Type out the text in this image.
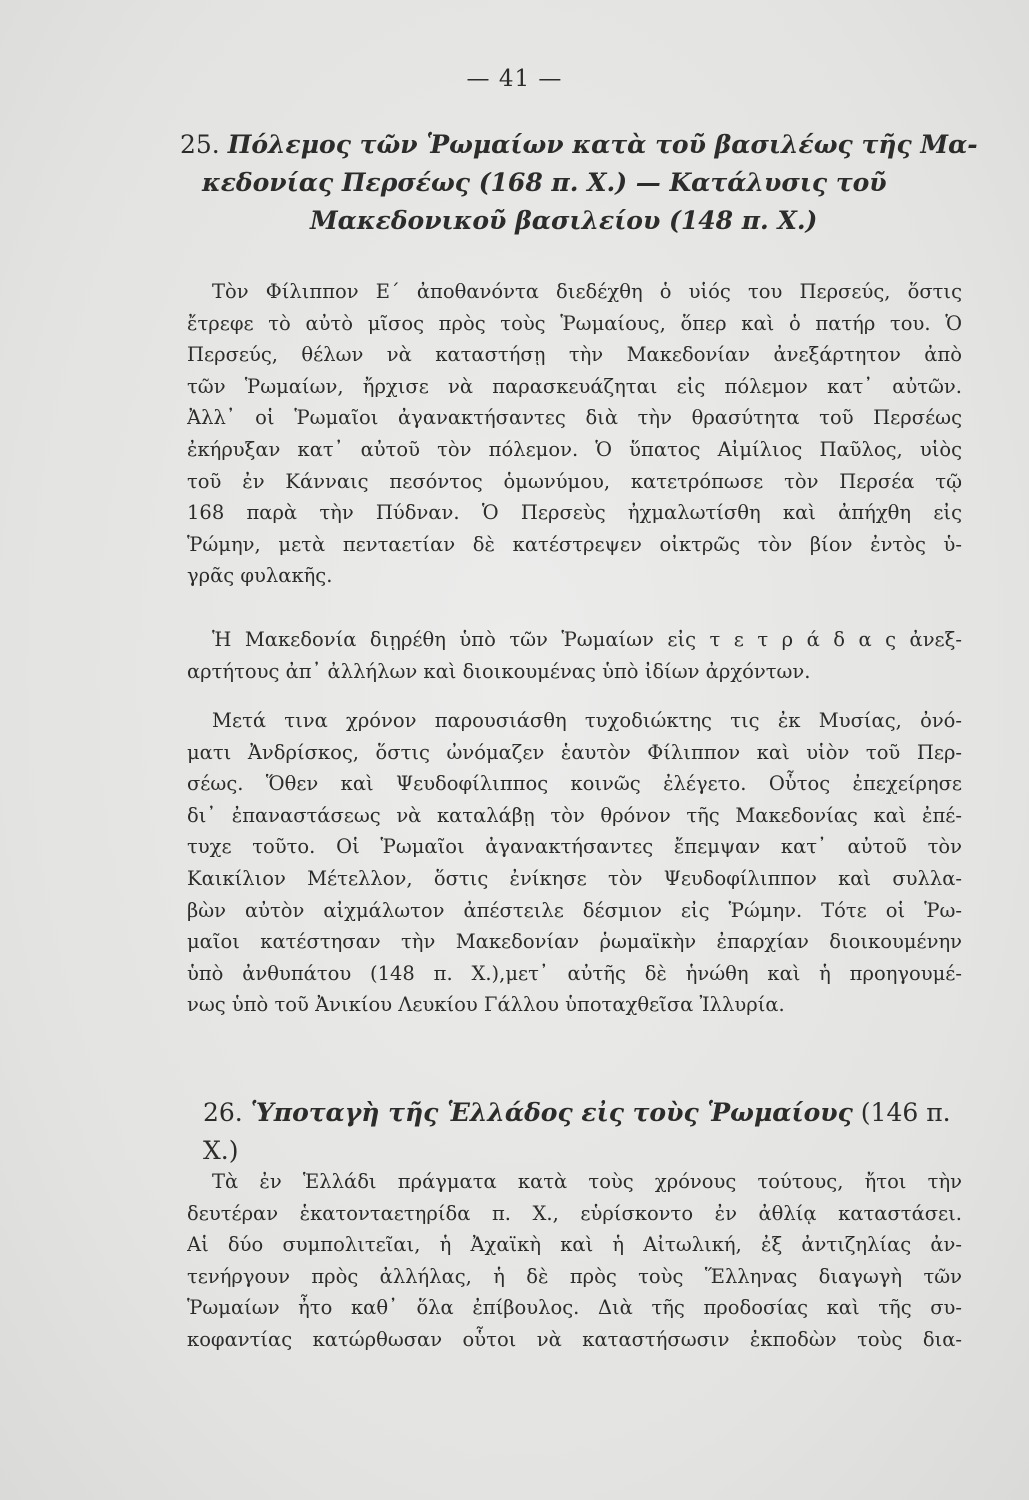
— 41 —
25. Πόλεμος τῶν Ῥωμαίων κατὰ τοῦ βασιλέως τῆς Μα-
κεδονίας Περσέως (168 π. Χ.) — Κατάλυσις τοῦ
Μακεδονικοῦ βασιλείου (148 π. Χ.)
Τὸν Φίλιππον Ε΄ ἀποθανόντα διεδέχθη ὁ υἱός του Περσεύς, ὅστις
ἔτρεφε τὸ αὐτὸ μῖσος πρὸς τοὺς Ῥωμαίους, ὅπερ καὶ ὁ πατήρ του. Ὁ
Περσεύς, θέλων νὰ καταστήσῃ τὴν Μακεδονίαν ἀνεξάρτητον ἀπὸ
τῶν Ῥωμαίων, ἤρχισε νὰ παρασκευάζηται εἰς πόλεμον κατ᾽ αὐτῶν.
Ἀλλ᾽ οἱ Ῥωμαῖοι ἀγανακτήσαντες διὰ τὴν θρασύτητα τοῦ Περσέως
ἐκήρυξαν κατ᾽ αὐτοῦ τὸν πόλεμον. Ὁ ὕπατος Αἰμίλιος Παῦλος, υἱὸς
τοῦ ἐν Κάνναις πεσόντος ὁμωνύμου, κατετρόπωσε τὸν Περσέα τῷ
168 παρὰ τὴν Πύδναν. Ὁ Περσεὺς ἠχμαλωτίσθη καὶ ἀπήχθη εἰς
Ῥώμην, μετὰ πενταετίαν δὲ κατέστρεψεν οἰκτρῶς τὸν βίον ἐντὸς ὑ-
γρᾶς φυλακῆς.
Ἡ Μακεδονία διῃρέθη ὑπὸ τῶν Ῥωμαίων εἰς τ ε τ ρ ά δ α ς ἀνεξ-
αρτήτους ἀπ᾽ ἀλλήλων καὶ διοικουμένας ὑπὸ ἰδίων ἀρχόντων.
Μετά τινα χρόνον παρουσιάσθη τυχοδιώκτης τις ἐκ Μυσίας, ὀνό-
ματι Ἀνδρίσκος, ὅστις ὠνόμαζεν ἑαυτὸν Φίλιππον καὶ υἱὸν τοῦ Περ-
σέως. Ὅθεν καὶ Ψευδοφίλιππος κοινῶς ἐλέγετο. Οὗτος ἐπεχείρησε
δι᾽ ἐπαναστάσεως νὰ καταλάβῃ τὸν θρόνον τῆς Μακεδονίας καὶ ἐπέ-
τυχε τοῦτο. Οἱ Ῥωμαῖοι ἀγανακτήσαντες ἔπεμψαν κατ᾽ αὐτοῦ τὸν
Καικίλιον Μέτελλον, ὅστις ἐνίκησε τὸν Ψευδοφίλιππον καὶ συλλα-
βὼν αὐτὸν αἰχμάλωτον ἀπέστειλε δέσμιον εἰς Ῥώμην. Τότε οἱ Ῥω-
μαῖοι κατέστησαν τὴν Μακεδονίαν ῥωμαϊκὴν ἐπαρχίαν διοικουμένην
ὑπὸ ἀνθυπάτου (148 π. Χ.),μετ᾽ αὐτῆς δὲ ἡνώθη καὶ ἡ προηγουμέ-
νως ὑπὸ τοῦ Ἀνικίου Λευκίου Γάλλου ὑποταχθεῖσα Ἰλλυρία.
26. Ὑποταγὴ τῆς Ἑλλάδος εἰς τοὺς Ῥωμαίους (146 π. Χ.)
Τὰ ἐν Ἑλλάδι πράγματα κατὰ τοὺς χρόνους τούτους, ἤτοι τὴν
δευτέραν ἑκατονταετηρίδα π. Χ., εὑρίσκοντο ἐν ἀθλίᾳ καταστάσει.
Αἱ δύο συμπολιτεῖαι, ἡ Ἀχαϊκὴ καὶ ἡ Αἰτωλική, ἐξ ἀντιζηλίας ἀν-
τενήργουν πρὸς ἀλλήλας, ἡ δὲ πρὸς τοὺς Ἕλληνας διαγωγὴ τῶν
Ῥωμαίων ἦτο καθ᾽ ὅλα ἐπίβουλος. Διὰ τῆς προδοσίας καὶ τῆς συ-
κοφαντίας κατώρθωσαν οὗτοι νὰ καταστήσωσιν ἐκποδὼν τοὺς δια-
